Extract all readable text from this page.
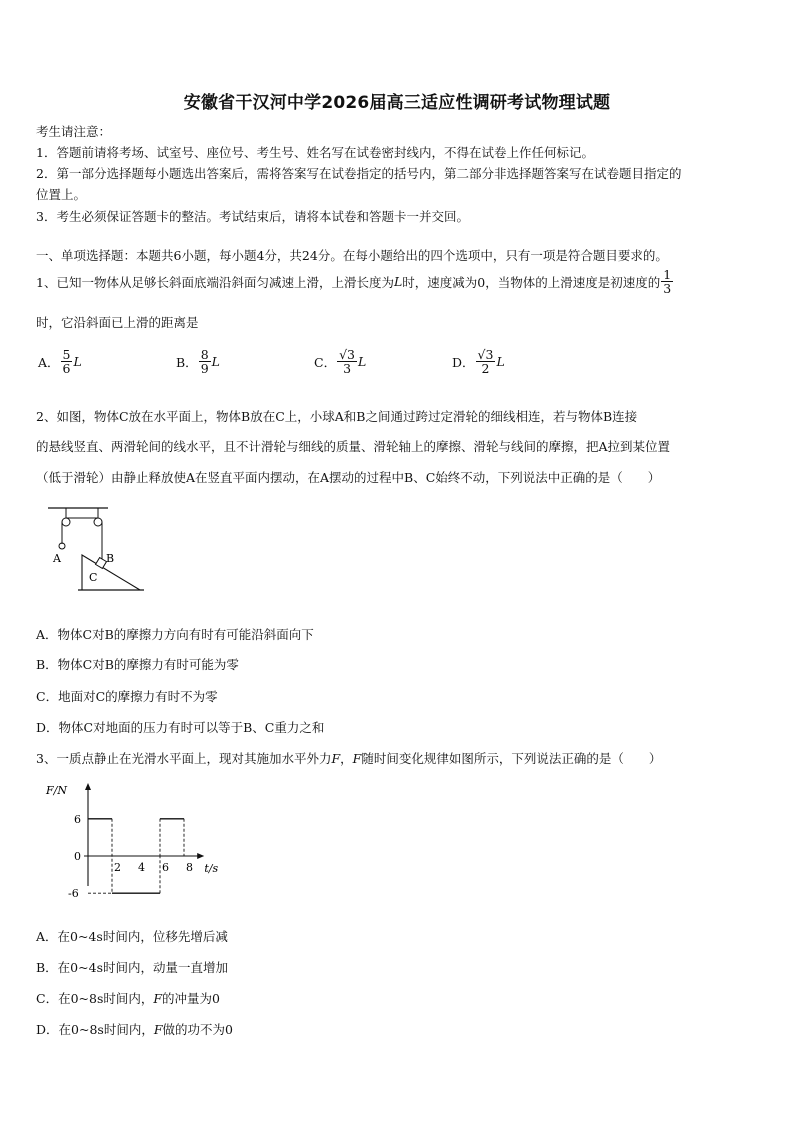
安徽省干汉河中学2026届高三适应性调研考试物理试题
考生请注意：
1．答题前请将考场、试室号、座位号、考生号、姓名写在试卷密封线内，不得在试卷上作任何标记。
2．第一部分选择题每小题选出答案后，需将答案写在试卷指定的括号内，第二部分非选择题答案写在试卷题目指定的
位置上。
3．考生必须保证答题卡的整洁。考试结束后，请将本试卷和答题卡一并交回。
一、单项选择题：本题共6小题，每小题4分，共24分。在每小题给出的四个选项中，只有一项是符合题目要求的。
1、已知一物体从足够长斜面底端沿斜面匀减速上滑，上滑长度为 L 时，速度减为0，当物体的上滑速度是初速度的 $\frac{1}{3}$
时，它沿斜面已上滑的距离是
A． $\frac{5}{6}$ L	B． $\frac{8}{9}$ L	C． $\frac{√3}{3}$ L	D． $\frac{√3}{2}$ L
2、如图，物体C放在水平面上，物体B放在C上，小球A和B之间通过跨过定滑轮的细线相连，若与物体B连接
的悬线竖直、两滑轮间的线水平，且不计滑轮与细线的质量、滑轮轴上的摩擦、滑轮与线间的摩擦，把A拉到某位置
（低于滑轮）由静止释放使A在竖直平面内摆动，在A摆动的过程中B、C始终不动，下列说法中正确的是（　　）
A	B
C
A．物体C对B的摩擦力方向有时有可能沿斜面向下
B．物体C对B的摩擦力有时可能为零
C．地面对C的摩擦力有时不为零
D．物体C对地面的压力有时可以等于B、C重力之和
3、一质点静止在光滑水平面上，现对其施加水平外力F，F随时间变化规律如图所示，下列说法正确的是（　　）
F/N
t/s
6
0
-6
2 4 6 8
A．在0~4s时间内，位移先增后减
B．在0~4s时间内，动量一直增加
C．在0~8s时间内，F的冲量为0
D．在0~8s时间内，F做的功不为0
